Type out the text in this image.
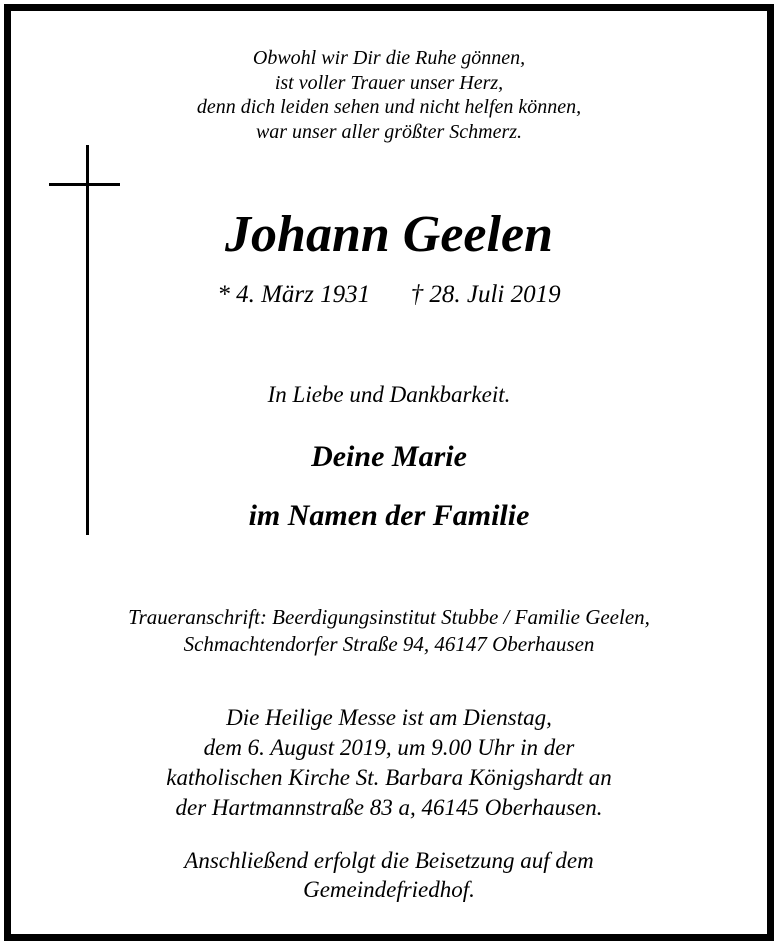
Obwohl wir Dir die Ruhe gönnen,
ist voller Trauer unser Herz,
denn dich leiden sehen und nicht helfen können,
war unser aller größter Schmerz.
Johann Geelen
* 4. März 1931 † 28. Juli 2019
In Liebe und Dankbarkeit.
Deine Marie
im Namen der Familie
Traueranschrift: Beerdigungsinstitut Stubbe / Familie Geelen,
Schmachtendorfer Straße 94, 46147 Oberhausen
Die Heilige Messe ist am Dienstag,
dem 6. August 2019, um 9.00 Uhr in der
katholischen Kirche St. Barbara Königshardt an
der Hartmannstraße 83 a, 46145 Oberhausen.
Anschließend erfolgt die Beisetzung auf dem
Gemeindefriedhof.
